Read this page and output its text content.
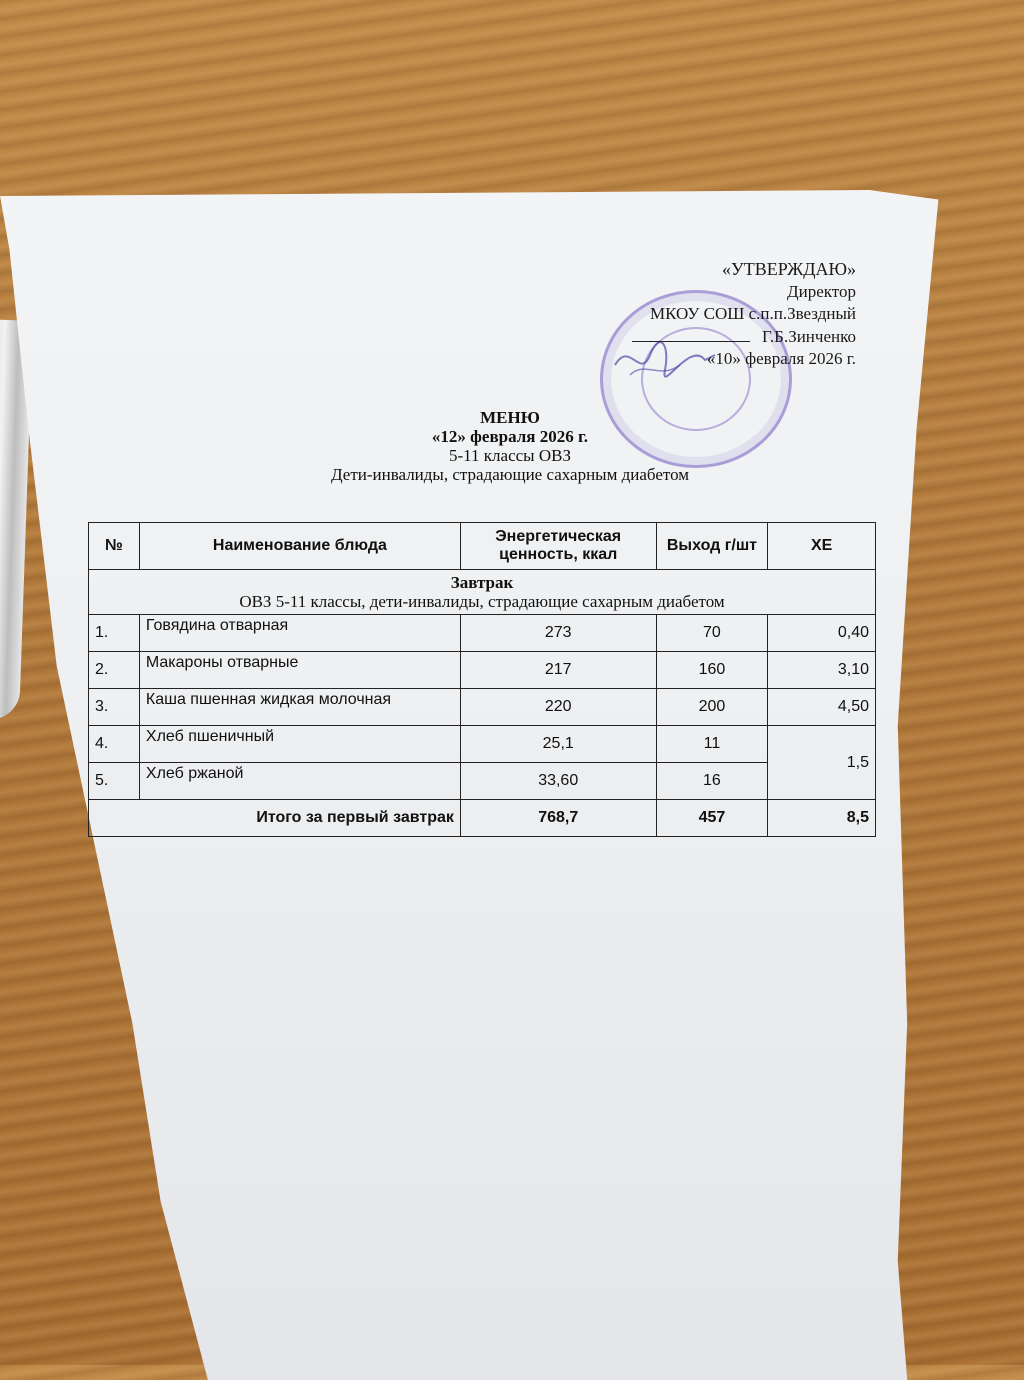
«УТВЕРЖДАЮ»
Директор
МКОУ СОШ с.п.п.Звездный
Г.Б.Зинченко
«10» февраля 2026 г.
МЕНЮ
«12» февраля 2026 г.
5-11 классы ОВЗ
Дети-инвалиды, страдающие сахарным диабетом
№	Наименование блюда	Энергетическая ценность, ккал	Выход г/шт	ХЕ

Завтрак
ОВЗ 5-11 классы, дети-инвалиды, страдающие сахарным диабетом				

1.	Говядина отварная	273	70	0,40
2.	Макароны отварные	217	160	3,10
3.	Каша пшенная жидкая молочная	220	200	4,50
4.	Хлеб пшеничный	25,1	11	1,5
5.	Хлеб ржаной	33,60	16	
Итого за первый завтрак		768,7	457	8,5
